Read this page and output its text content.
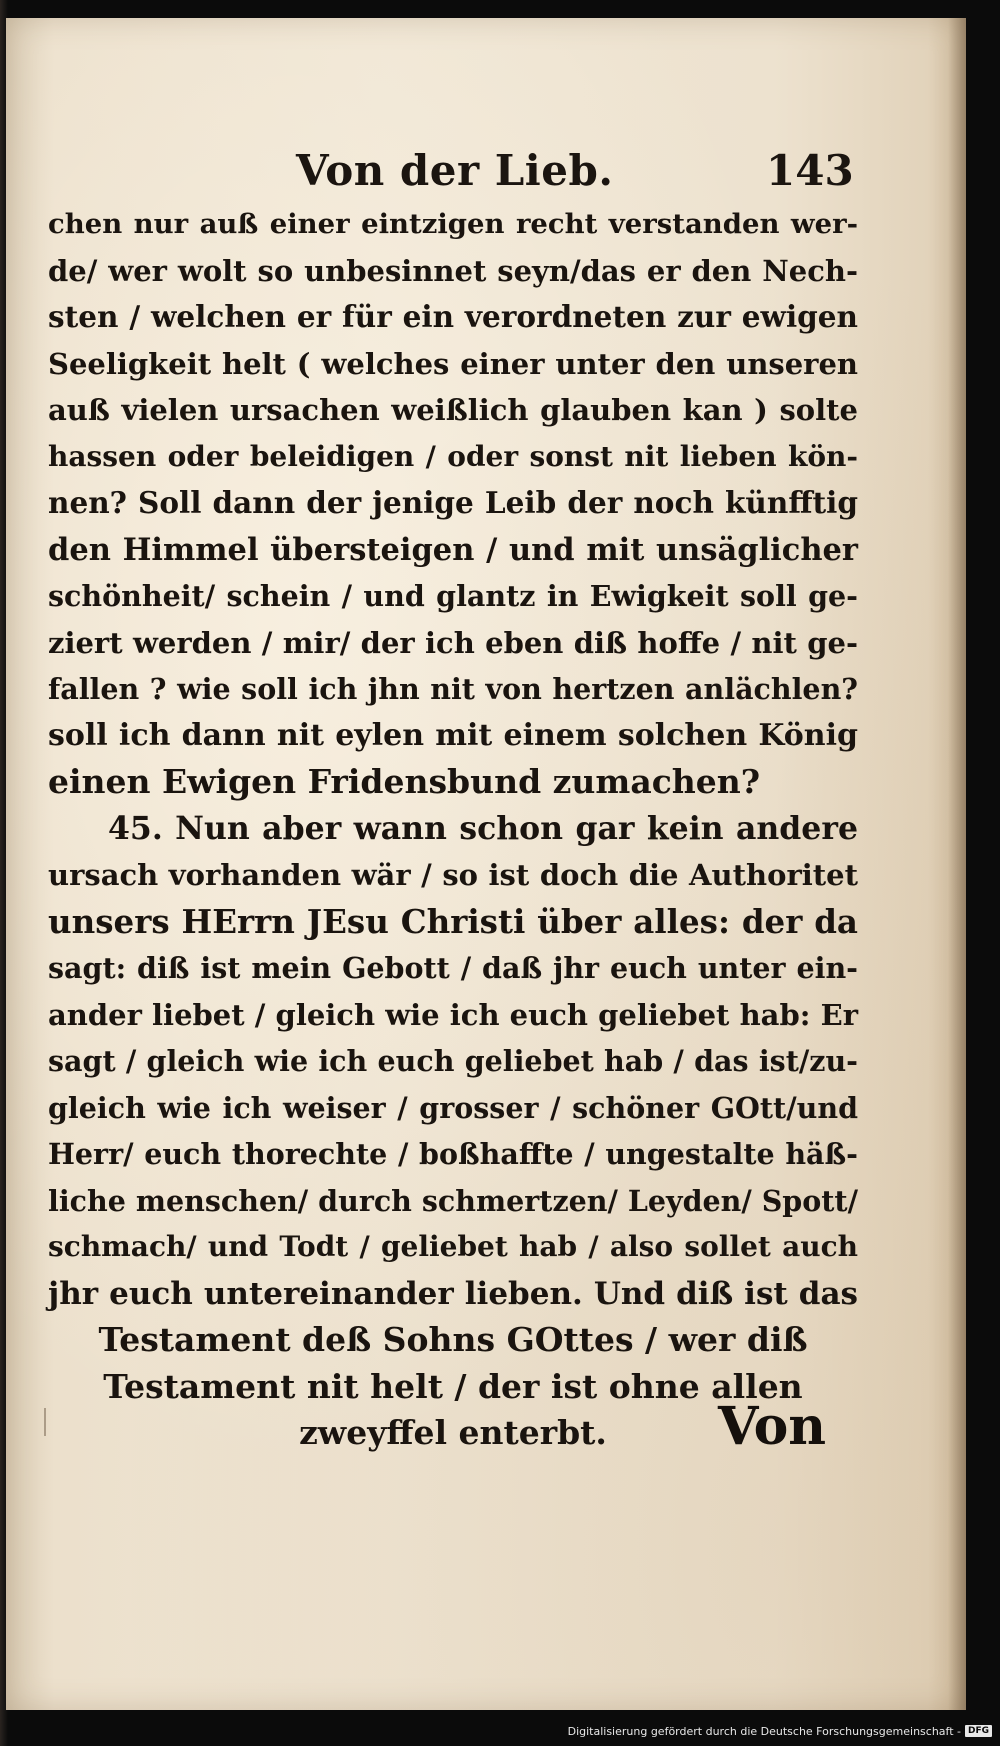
Von der Lieb.	143
chen nur auß einer eintzigen recht verstanden wer-
de/ wer wolt so unbesinnet seyn/das er den Nech-
sten / welchen er für ein verordneten zur ewigen
Seeligkeit helt ( welches einer unter den unseren
auß vielen ursachen weißlich glauben kan ) solte
hassen oder beleidigen / oder sonst nit lieben kön-
nen? Soll dann der jenige Leib der noch künfftig
den Himmel übersteigen / und mit unsäglicher
schönheit/ schein / und glantz in Ewigkeit soll ge-
ziert werden / mir/ der ich eben diß hoffe / nit ge-
fallen ? wie soll ich jhn nit von hertzen anlächlen?
soll ich dann nit eylen mit einem solchen König
einen Ewigen Fridensbund zumachen?
45. Nun aber wann schon gar kein andere
ursach vorhanden wär / so ist doch die Authoritet
unsers HErrn JEsu Christi über alles: der da
sagt: diß ist mein Gebott / daß jhr euch unter ein-
ander liebet / gleich wie ich euch geliebet hab: Er
sagt / gleich wie ich euch geliebet hab / das ist/zu-
gleich wie ich weiser / grosser / schöner GOtt/und
Herr/ euch thorechte / boßhaffte / ungestalte häß-
liche menschen/ durch schmertzen/ Leyden/ Spott/
schmach/ und Todt / geliebet hab / also sollet auch
jhr euch untereinander lieben. Und diß ist das
Testament deß Sohns GOttes / wer diß
Testament nit helt / der ist ohne allen
zweyffel enterbt.	Von
Digitalisierung gefördert durch die Deutsche Forschungsgemeinschaft - DFG
